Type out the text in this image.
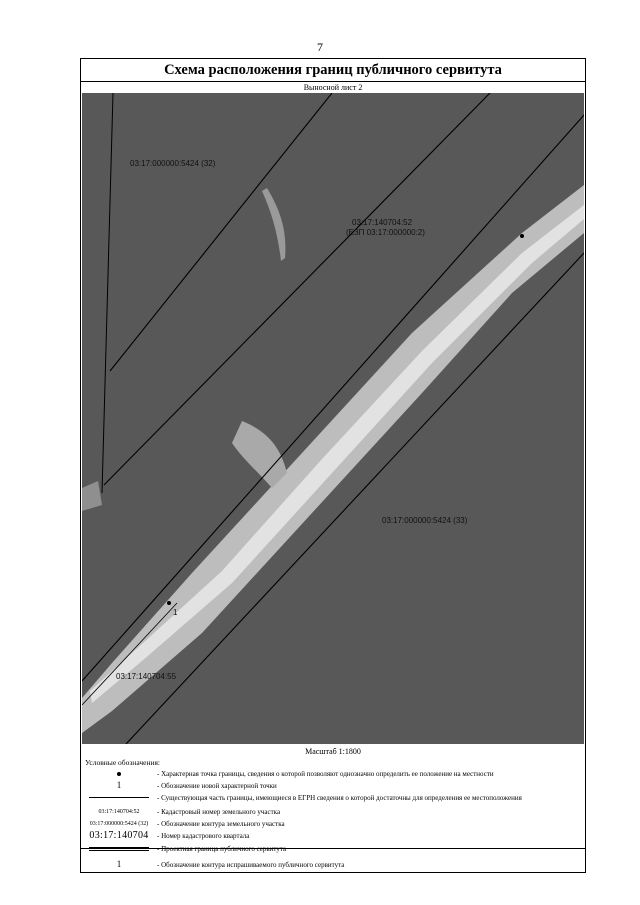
7
Схема расположения границ публичного сервитута
Выносной лист 2
03:17:000000:5424 (32)
03:17:140704:52
(ЕЗП 03:17:000000:2)
03:17:000000:5424 (33)
03:17:140704:55
1
Масштаб 1:1800
Условные обозначения:
- Характерная точка границы, сведения о которой позволяют однозначно определить ее положение на местности
1	- Обозначение новой характерной точки
- Существующая часть границы, имеющиеся в ЕГРН сведения о которой достаточны для определения ее местоположения
03:17:140704:52	- Кадастровый номер земельного участка
03:17:000000:5424 (32)	- Обозначение контура земельного участка
03:17:140704	- Номер кадастрового квартала
- Проектная граница публичного сервитута
1	- Обозначение контура испрашиваемого публичного сервитута
